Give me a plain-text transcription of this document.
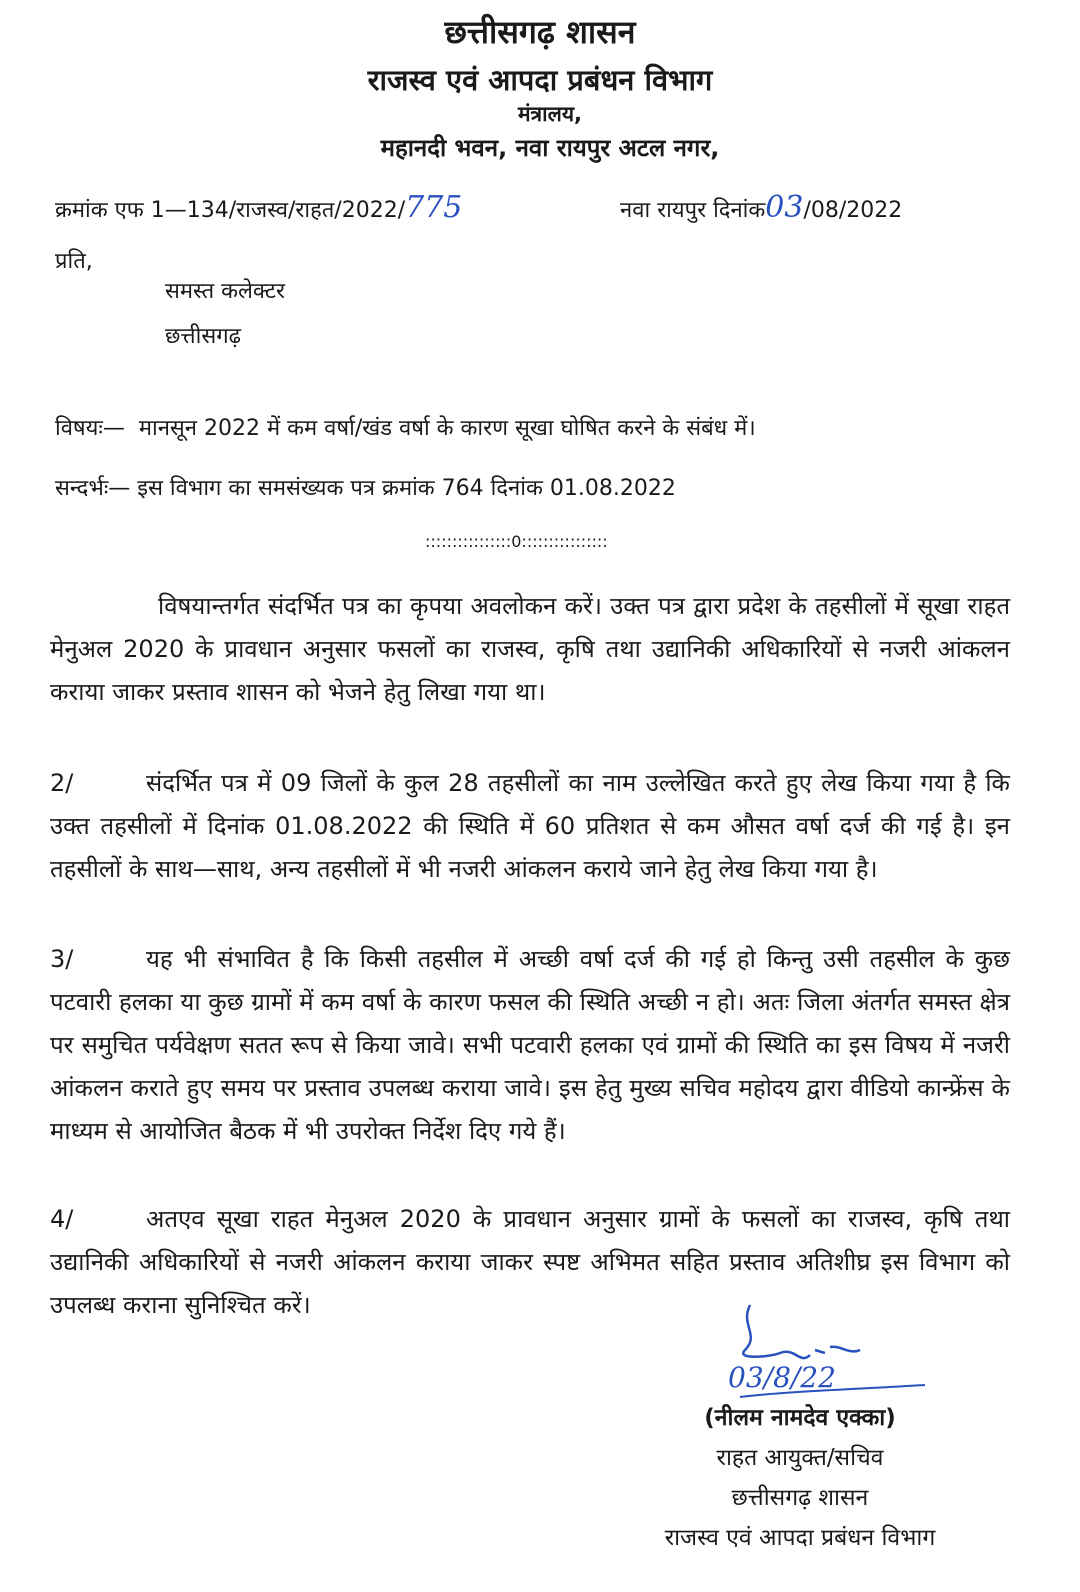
छत्तीसगढ़ शासन
राजस्व एवं आपदा प्रबंधन विभाग
मंत्रालय,
महानदी भवन, नवा रायपुर अटल नगर,
क्रमांक एफ 1—134/राजस्व/राहत/2022/775	नवा रायपुर दिनांक03/08/2022
प्रति,
समस्त कलेक्टर
छत्तीसगढ़
विषयः— मानसून 2022 में कम वर्षा/खंड वर्षा के कारण सूखा घोषित करने के संबंध में।
सन्दर्भः— इस विभाग का समसंख्यक पत्र क्रमांक 764 दिनांक 01.08.2022
::::::::::::::::0::::::::::::::::

विषयान्तर्गत संदर्भित पत्र का कृपया अवलोकन करें। उक्त पत्र द्वारा प्रदेश के तहसीलों में सूखा राहत मेनुअल 2020 के प्रावधान अनुसार फसलों का राजस्व, कृषि तथा उद्यानिकी अधिकारियों से नजरी आंकलन कराया जाकर प्रस्ताव शासन को भेजने हेतु लिखा गया था।

2/	संदर्भित पत्र में 09 जिलों के कुल 28 तहसीलों का नाम उल्लेखित करते हुए लेख किया गया है कि उक्त तहसीलों में दिनांक 01.08.2022 की स्थिति में 60 प्रतिशत से कम औसत वर्षा दर्ज की गई है। इन तहसीलों के साथ—साथ, अन्य तहसीलों में भी नजरी आंकलन कराये जाने हेतु लेख किया गया है।

3/	यह भी संभावित है कि किसी तहसील में अच्छी वर्षा दर्ज की गई हो किन्तु उसी तहसील के कुछ पटवारी हलका या कुछ ग्रामों में कम वर्षा के कारण फसल की स्थिति अच्छी न हो। अतः जिला अंतर्गत समस्त क्षेत्र पर समुचित पर्यवेक्षण सतत रूप से किया जावे। सभी पटवारी हलका एवं ग्रामों की स्थिति का इस विषय में नजरी आंकलन कराते हुए समय पर प्रस्ताव उपलब्ध कराया जावे। इस हेतु मुख्य सचिव महोदय द्वारा वीडियो कान्फ्रेंस के माध्यम से आयोजित बैठक में भी उपरोक्त निर्देश दिए गये हैं।

4/	अतएव सूखा राहत मेनुअल 2020 के प्रावधान अनुसार ग्रामों के फसलों का राजस्व, कृषि तथा उद्यानिकी अधिकारियों से नजरी आंकलन कराया जाकर स्पष्ट अभिमत सहित प्रस्ताव अतिशीघ्र इस विभाग को उपलब्ध कराना सुनिश्चित करें।

03/8/22
(नीलम नामदेव एक्का)
राहत आयुक्त/सचिव
छत्तीसगढ़ शासन
राजस्व एवं आपदा प्रबंधन विभाग
